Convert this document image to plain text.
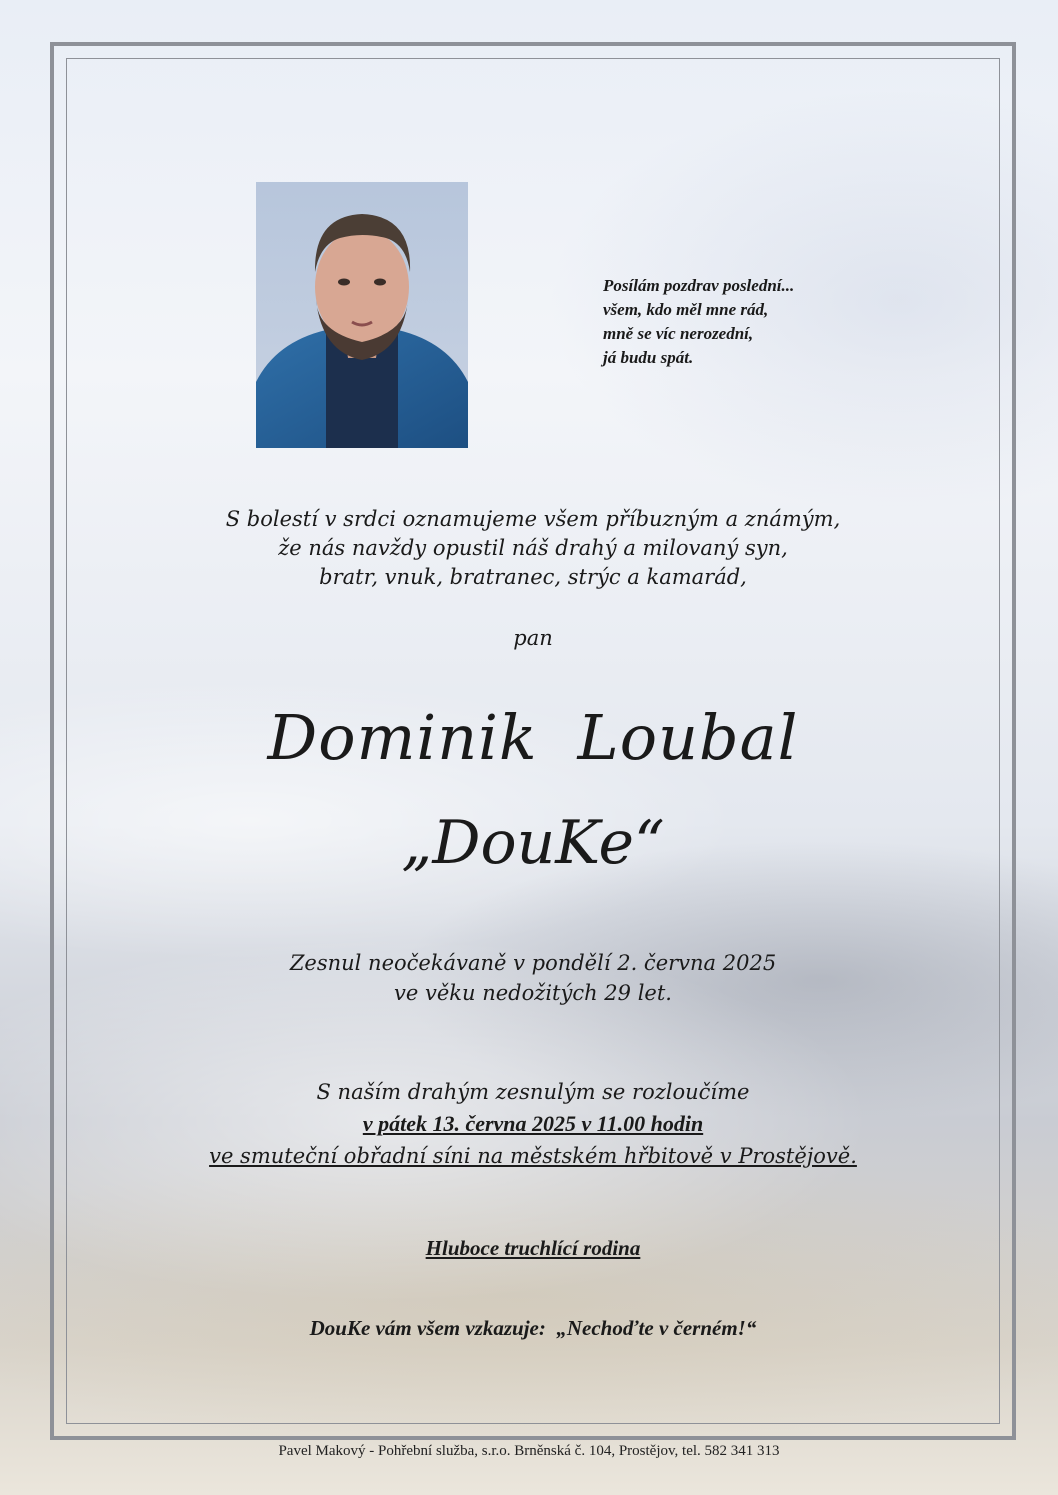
Posílám pozdrav poslední...
všem, kdo měl mne rád,
mně se víc nerozední,
já budu spát.
S bolestí v srdci oznamujeme všem příbuzným a známým,
že nás navždy opustil náš drahý a milovaný syn,
bratr, vnuk, bratranec, strýc a kamarád,
pan
Dominik Loubal
„DouKe“
Zesnul neočekávaně v pondělí 2. června 2025
ve věku nedožitých 29 let.
S naším drahým zesnulým se rozloučíme
v pátek 13. června 2025 v 11.00 hodin
ve smuteční obřadní síni na městském hřbitově v Prostějově.
Hluboce truchlící rodina
DouKe vám všem vzkazuje:  „Nechoďte v černém!“
Pavel Makový - Pohřební služba, s.r.o. Brněnská č. 104, Prostějov, tel. 582 341 313
